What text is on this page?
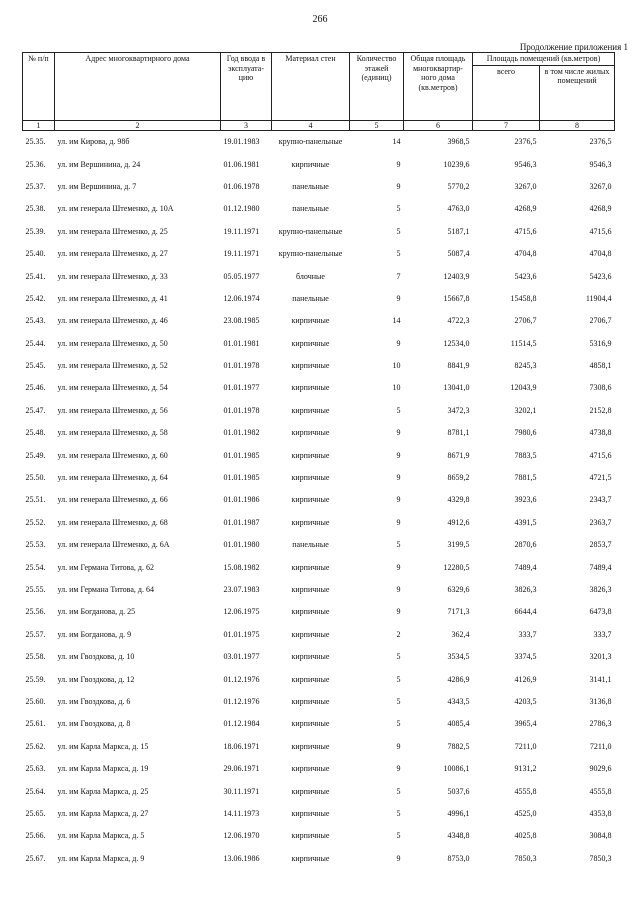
266
Продолжение приложения 1
№ п/п	Адрес многоквартирного дома	Год ввода в эксплуата-цию	Материал стен	Количество этажей (единиц)	Общая площадь многоквартир-ного дома (кв.метров)	Площадь помещений (кв.метров)	
						всего	в том числе жилых помещений
1	2	3	4	5	6	7	8
25.35.	ул. им Кирова, д. 98б	19.01.1983	крупно-панельные	14	3968,5	2376,5	2376,5
25.36.	ул. им Вершинина, д. 24	01.06.1981	кирпичные	9	10239,6	9546,3	9546,3
25.37.	ул. им Вершинина, д. 7	01.06.1978	панельные	9	5770,2	3267,0	3267,0
25.38.	ул. им генерала Штеменко, д. 10А	01.12.1980	панельные	5	4763,0	4268,9	4268,9
25.39.	ул. им генерала Штеменко, д. 25	19.11.1971	крупно-панельные	5	5187,1	4715,6	4715,6
25.40.	ул. им генерала Штеменко, д. 27	19.11.1971	крупно-панельные	5	5087,4	4704,8	4704,8
25.41.	ул. им генерала Штеменко, д. 33	05.05.1977	блочные	7	12403,9	5423,6	5423,6
25.42.	ул. им генерала Штеменко, д. 41	12.06.1974	панельные	9	15667,8	15458,8	11904,4
25.43.	ул. им генерала Штеменко, д. 46	23.08.1985	кирпичные	14	4722,3	2706,7	2706,7
25.44.	ул. им генерала Штеменко, д. 50	01.01.1981	кирпичные	9	12534,0	11514,5	5316,9
25.45.	ул. им генерала Штеменко, д. 52	01.01.1978	кирпичные	10	8841,9	8245,3	4858,1
25.46.	ул. им генерала Штеменко, д. 54	01.01.1977	кирпичные	10	13041,0	12043,9	7308,6
25.47.	ул. им генерала Штеменко, д. 56	01.01.1978	кирпичные	5	3472,3	3202,1	2152,8
25.48.	ул. им генерала Штеменко, д. 58	01.01.1982	кирпичные	9	8781,1	7980,6	4738,8
25.49.	ул. им генерала Штеменко, д. 60	01.01.1985	кирпичные	9	8671,9	7883,5	4715,6
25.50.	ул. им генерала Штеменко, д. 64	01.01.1985	кирпичные	9	8659,2	7881,5	4721,5
25.51.	ул. им генерала Штеменко, д. 66	01.01.1986	кирпичные	9	4329,8	3923,6	2343,7
25.52.	ул. им генерала Штеменко, д. 68	01.01.1987	кирпичные	9	4912,6	4391,5	2363,7
25.53.	ул. им генерала Штеменко, д. 6А	01.01.1980	панельные	5	3199,5	2870,6	2853,7
25.54.	ул. им Германа Титова, д. 62	15.08.1982	кирпичные	9	12280,5	7489,4	7489,4
25.55.	ул. им Германа Титова, д. 64	23.07.1983	кирпичные	9	6329,6	3826,3	3826,3
25.56.	ул. им Богданова, д. 25	12.06.1975	кирпичные	9	7171,3	6644,4	6473,8
25.57.	ул. им Богданова, д. 9	01.01.1975	кирпичные	2	362,4	333,7	333,7
25.58.	ул. им Гвоздкова, д. 10	03.01.1977	кирпичные	5	3534,5	3374,5	3201,3
25.59.	ул. им Гвоздкова, д. 12	01.12.1976	кирпичные	5	4286,9	4126,9	3141,1
25.60.	ул. им Гвоздкова, д. 6	01.12.1976	кирпичные	5	4343,5	4203,5	3136,8
25.61.	ул. им Гвоздкова, д. 8	01.12.1984	кирпичные	5	4085,4	3965,4	2786,3
25.62.	ул. им Карла Маркса, д. 15	18.06.1971	кирпичные	9	7882,5	7211,0	7211,0
25.63.	ул. им Карла Маркса, д. 19	29.06.1971	кирпичные	9	10086,1	9131,2	9029,6
25.64.	ул. им Карла Маркса, д. 25	30.11.1971	кирпичные	5	5037,6	4555,8	4555,8
25.65.	ул. им Карла Маркса, д. 27	14.11.1973	кирпичные	5	4996,1	4525,0	4353,8
25.66.	ул. им Карла Маркса, д. 5	12.06.1970	кирпичные	5	4348,8	4025,8	3084,8
25.67.	ул. им Карла Маркса, д. 9	13.06.1986	кирпичные	9	8753,0	7850,3	7850,3
